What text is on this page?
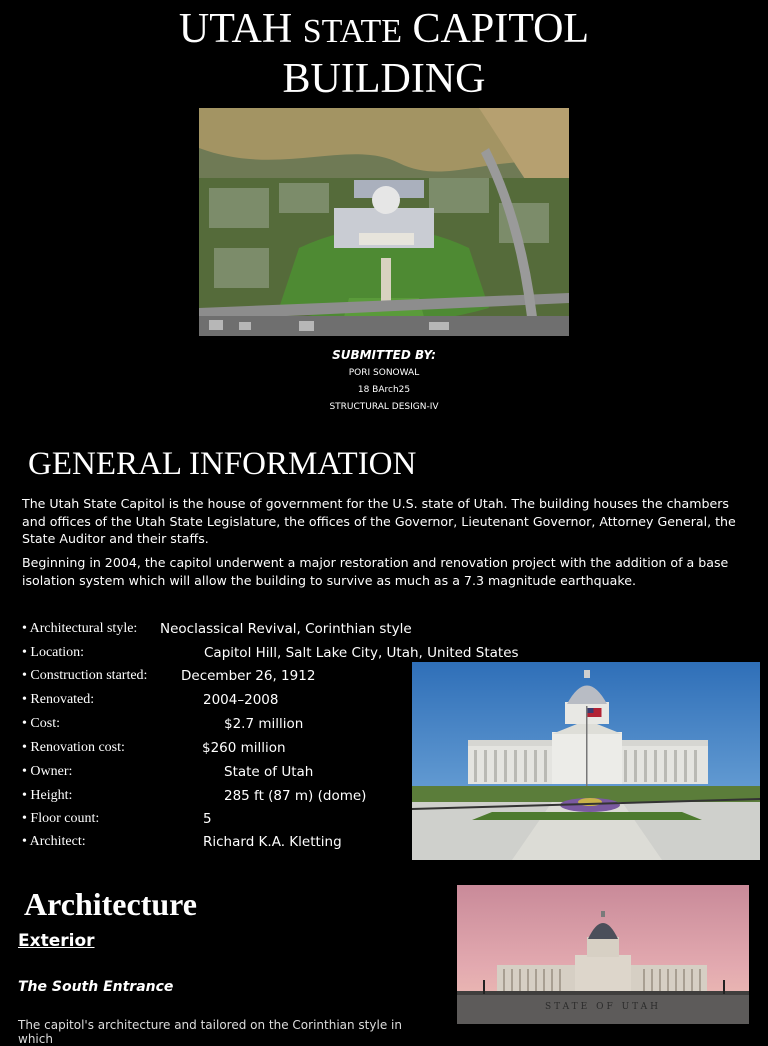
UTAH STATE CAPITOL
BUILDING
SUBMITTED BY:
PORI SONOWAL
18 BArch25
STRUCTURAL DESIGN-IV
GENERAL INFORMATION
The Utah State Capitol is the house of government for the U.S. state of Utah. The building houses the chambers and offices of the Utah State Legislature, the offices of the Governor, Lieutenant Governor, Attorney General, the State Auditor and their staffs.
Beginning in 2004, the capitol underwent a major restoration and renovation project with the addition of a base isolation system which will allow the building to survive as much as a 7.3 magnitude earthquake.
• Architectural style: Neoclassical Revival, Corinthian style
• Location:	Capitol Hill, Salt Lake City, Utah, United States
• Construction started: December 26, 1912
• Renovated:	2004–2008
• Cost:	$2.7 million
• Renovation cost:	$260 million
• Owner:	State of Utah
• Height:	285 ft (87 m) (dome)
• Floor count:	5
• Architect:	Richard K.A. Kletting
Architecture
Exterior
The South Entrance
The capitol's architecture and tailored on the Corinthian style in which
STATE OF UTAH
